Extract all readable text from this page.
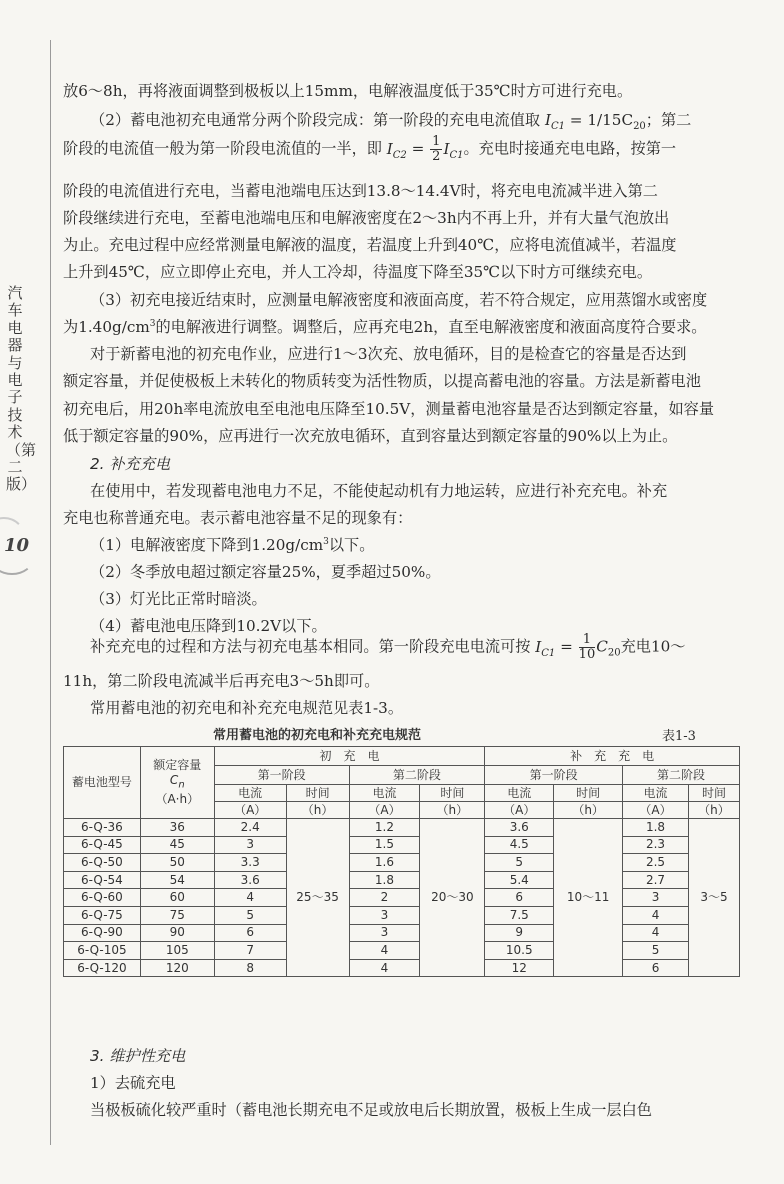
汽车电器与电子技术（第二版）
10
放6～8h，再将液面调整到极板以上15mm，电解液温度低于35℃时方可进行充电。
（2）蓄电池初充电通常分两个阶段完成：第一阶段的充电电流值取 $I_{C1} = 1/15C_{20}$；第二
阶段的电流值一般为第一阶段电流值的一半，即 $I_{C2} = \frac{1}{2} I_{C1}$。充电时接通充电电路，按第一
阶段的电流值进行充电，当蓄电池端电压达到13.8～14.4V时，将充电电流减半进入第二
阶段继续进行充电，至蓄电池端电压和电解液密度在2～3h内不再上升，并有大量气泡放出
为止。充电过程中应经常测量电解液的温度，若温度上升到40℃，应将电流值减半，若温度
上升到45℃，应立即停止充电，并人工冷却，待温度下降至35℃以下时方可继续充电。
（3）初充电接近结束时，应测量电解液密度和液面高度，若不符合规定，应用蒸馏水或密度
为$1.40g/cm^3$的电解液进行调整。调整后，应再充电2h，直至电解液密度和液面高度符合要求。
对于新蓄电池的初充电作业，应进行1～3次充、放电循环，目的是检查它的容量是否达到
额定容量，并促使极板上未转化的物质转变为活性物质，以提高蓄电池的容量。方法是新蓄电池
初充电后，用20h率电流放电至电池电压降至10.5V，测量蓄电池容量是否达到额定容量，如容量
低于额定容量的90%，应再进行一次充放电循环，直到容量达到额定容量的90%以上为止。
2. 补充充电
在使用中，若发现蓄电池电力不足，不能使起动机有力地运转，应进行补充充电。补充
充电也称普通充电。表示蓄电池容量不足的现象有：
（1）电解液密度下降到$1.20g/cm^3$以下。
（2）冬季放电超过额定容量25%，夏季超过50%。
（3）灯光比正常时暗淡。
（4）蓄电池电压降到10.2V以下。
补充充电的过程和方法与初充电基本相同。第一阶段充电电流可按 $I_{C1} = \frac{1}{10} C_{20}$充电10～
11h，第二阶段电流减半后再充电3～5h即可。
常用蓄电池的初充电和补充充电规范见表1-3。
3. 维护性充电
1）去硫充电
当极板硫化较严重时（蓄电池长期充电不足或放电后长期放置，极板上生成一层白色
常用蓄电池的初充电和补充充电规范	表1-3
蓄电池型号	额定容量
$C_n$
（A·h）	初　充　电				补　充　充　电			
		第一阶段		第二阶段		第一阶段		第二阶段	
		电流	时间	电流	时间	电流	时间	电流	时间
		（A）	（h）	（A）	（h）	（A）	（h）	（A）	（h）
6-Q-36	36	2.4	25～35	1.2	20～30	3.6	10～11	1.8	3～5
6-Q-45	45	3		1.5		4.5		2.3	
6-Q-50	50	3.3		1.6		5		2.5	
6-Q-54	54	3.6		1.8		5.4		2.7	
6-Q-60	60	4		2		6		3	
6-Q-75	75	5		3		7.5		4	
6-Q-90	90	6		3		9		4	
6-Q-105	105	7		4		10.5		5	
6-Q-120	120	8		4		12		6	
